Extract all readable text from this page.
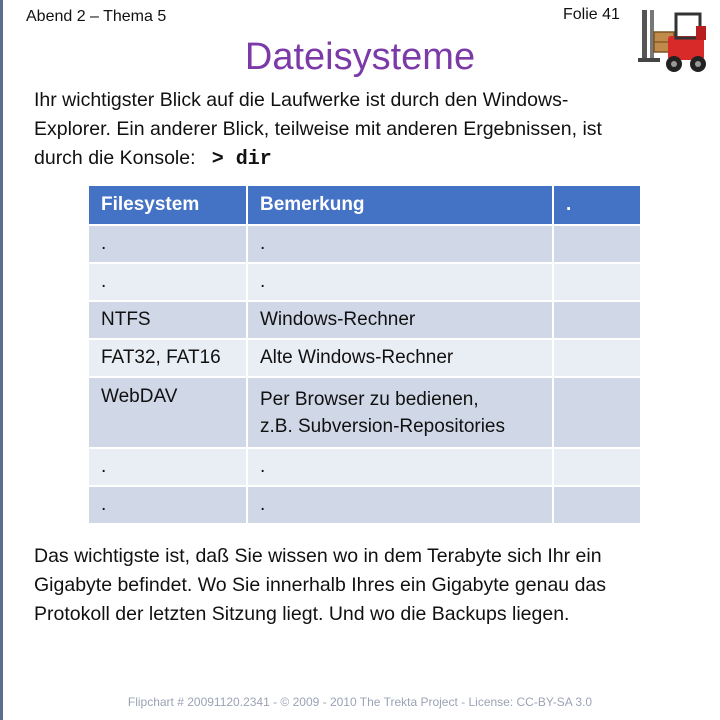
Abend 2 – Thema 5	Folie 41
Dateisysteme
Ihr wichtigster Blick auf die Laufwerke ist durch den Windows-
Explorer. Ein anderer Blick, teilweise mit anderen Ergebnissen, ist
durch die Konsole: > dir
Filesystem	Bemerkung	.
.	.	
.	.	
NTFS	Windows-Rechner	
FAT32, FAT16	Alte Windows-Rechner	
WebDAV	Per Browser zu bedienen,
z.B. Subversion-Repositories	

.	.	
.	.	
Das wichtigste ist, daß Sie wissen wo in dem Terabyte sich Ihr ein
Gigabyte befindet. Wo Sie innerhalb Ihres ein Gigabyte genau das
Protokoll der letzten Sitzung liegt. Und wo die Backups liegen.
Flipchart # 20091120.2341 - © 2009 - 2010 The Trekta Project - License: CC-BY-SA 3.0
